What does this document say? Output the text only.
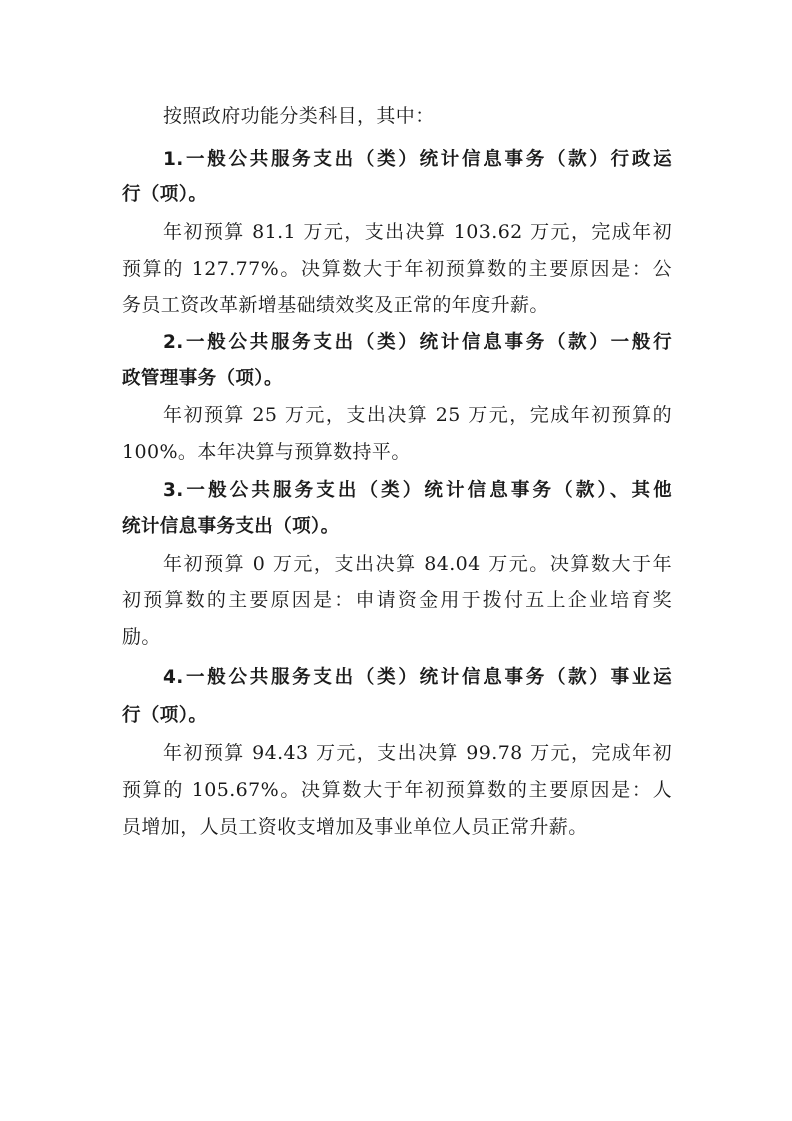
按照政府功能分类科目，其中：
1.一般公共服务支出（类）统计信息事务（款）行政运
行（项）。
年初预算 81.1 万元，支出决算 103.62 万元，完成年初
预算的 127.77%。决算数大于年初预算数的主要原因是：公
务员工资改革新增基础绩效奖及正常的年度升薪。
2.一般公共服务支出（类）统计信息事务（款）一般行
政管理事务（项）。
年初预算 25 万元，支出决算 25 万元，完成年初预算的
100%。本年决算与预算数持平。
3.一般公共服务支出（类）统计信息事务（款）、其他
统计信息事务支出（项）。
年初预算 0 万元，支出决算 84.04 万元。决算数大于年
初预算数的主要原因是：申请资金用于拨付五上企业培育奖
励。
4.一般公共服务支出（类）统计信息事务（款）事业运
行（项）。
年初预算 94.43 万元，支出决算 99.78 万元，完成年初
预算的 105.67%。决算数大于年初预算数的主要原因是：人
员增加，人员工资收支增加及事业单位人员正常升薪。
